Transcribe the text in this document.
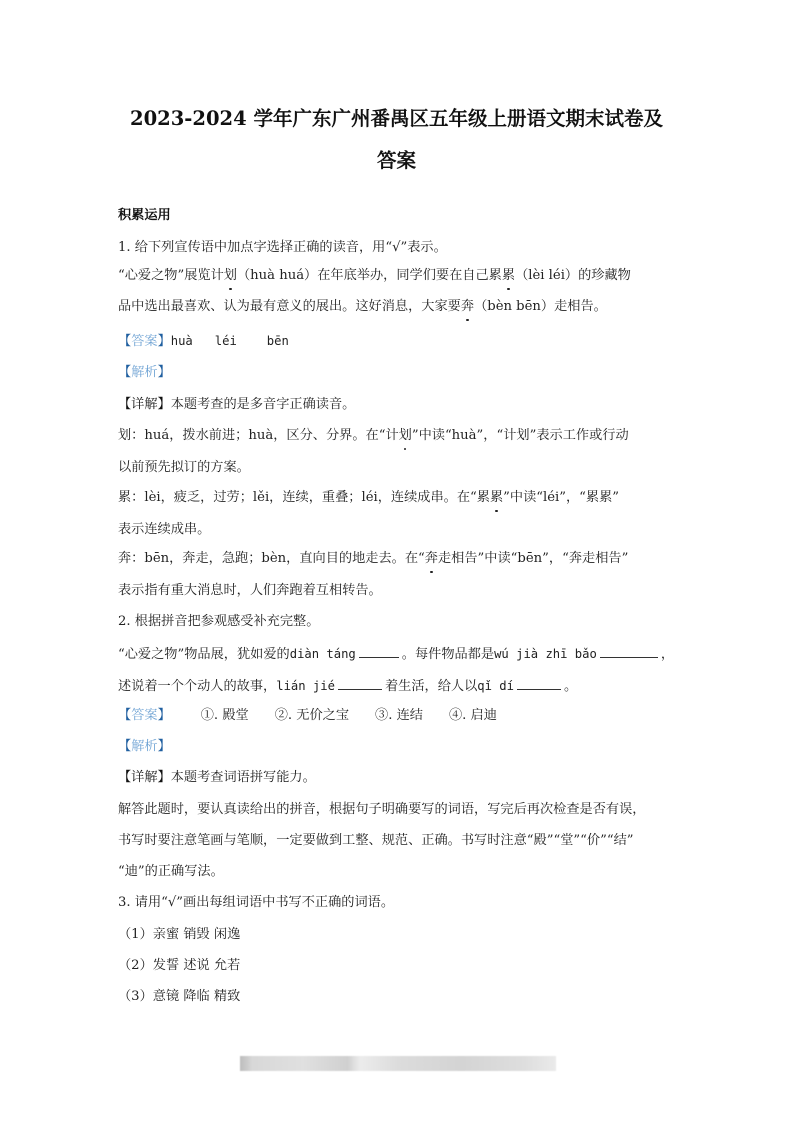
2023-2024 学年广东广州番禺区五年级上册语文期末试卷及
答案
积累运用
1. 给下列宣传语中加点字选择正确的读音，用“√”表示。
“心爱之物”展览计划（huà huá）在年底举办，同学们要在自己累累（lèi léi）的珍藏物
品中选出最喜欢、认为最有意义的展出。这好消息，大家要奔（bèn bēn）走相告。
【答案】huà léi bēn
【解析】
【详解】本题考查的是多音字正确读音。
划：huá，拨水前进；huà，区分、分界。在“计划”中读“huà”，“计划”表示工作或行动
以前预先拟订的方案。
累：lèi，疲乏，过劳；lěi，连续，重叠；léi，连续成串。在“累累”中读“léi”，“累累”
表示连续成串。
奔：bēn，奔走，急跑；bèn，直向目的地走去。在“奔走相告”中读“bēn”，“奔走相告”
表示指有重大消息时，人们奔跑着互相转告。
2. 根据拼音把参观感受补充完整。
“心爱之物”物品展，犹如爱的diàn táng	。每件物品都是wú jià zhī bǎo	，
述说着一个个动人的故事，lián jié	着生活，给人以qǐ dí	。
【答案】 ①. 殿堂 ②. 无价之宝 ③. 连结 ④. 启迪
【解析】
【详解】本题考查词语拼写能力。
解答此题时，要认真读给出的拼音，根据句子明确要写的词语，写完后再次检查是否有误，
书写时要注意笔画与笔顺，一定要做到工整、规范、正确。书写时注意“殿”“堂”“价”“结”
“迪”的正确写法。
3. 请用“√”画出每组词语中书写不正确的词语。
（1）亲蜜 销毁 闲逸
（2）发誓 述说 允若
（3）意镜 降临 精致
